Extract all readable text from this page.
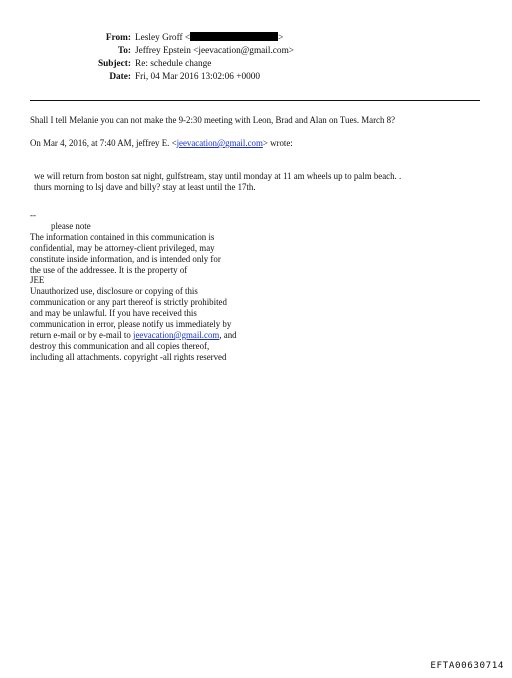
From: Lesley Groff <	>
To: Jeffrey Epstein <jeevacation@gmail.com>
Subject: Re: schedule change
Date: Fri, 04 Mar 2016 13:02:06 +0000
Shall I tell Melanie you can not make the 9-2:30 meeting with Leon, Brad and Alan on Tues. March 8?
On Mar 4, 2016, at 7:40 AM, jeffrey E. <jeevacation@gmail.com> wrote:
we will return from boston sat night, gulfstream, stay until monday at 11 am wheels up to palm beach. .
thurs morning to lsj dave and billy? stay at least until the 17th.
--
please note
The information contained in this communication is
confidential, may be attorney-client privileged, may
constitute inside information, and is intended only for
the use of the addressee. It is the property of
JEE
Unauthorized use, disclosure or copying of this
communication or any part thereof is strictly prohibited
and may be unlawful. If you have received this
communication in error, please notify us immediately by
return e-mail or by e-mail to jeevacation@gmail.com, and
destroy this communication and all copies thereof,
including all attachments. copyright -all rights reserved
EFTA00630714
